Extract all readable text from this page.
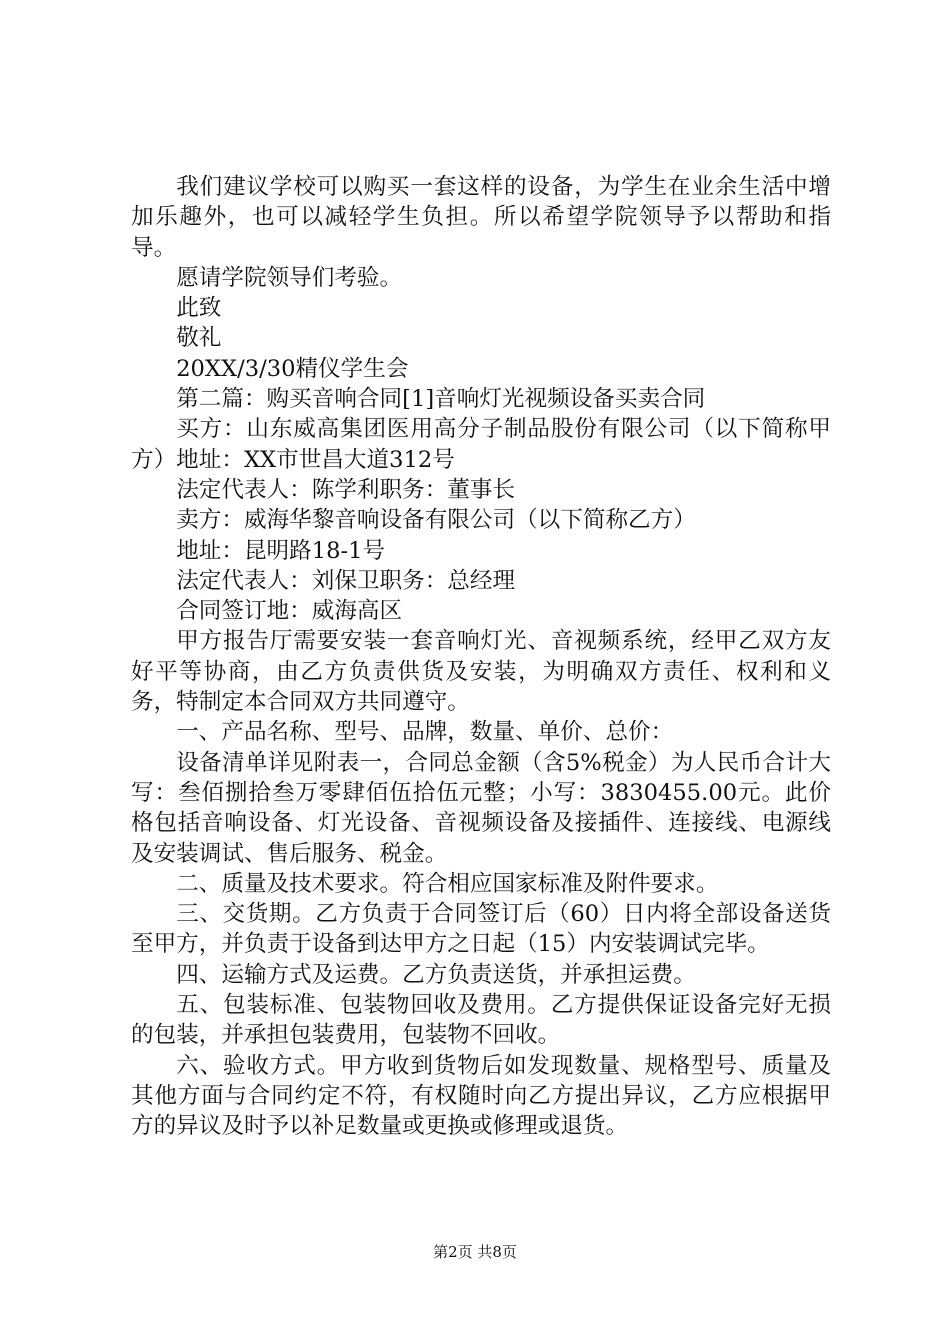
我们建议学校可以购买一套这样的设备，为学生在业余生活中增加乐趣外，也可以减轻学生负担。所以希望学院领导予以帮助和指导。

愿请学院领导们考验。

此致

敬礼

20XX/3/30精仪学生会

第二篇：购买音响合同[1]音响灯光视频设备买卖合同

买方：山东威高集团医用高分子制品股份有限公司（以下简称甲方）地址：XX市世昌大道312号

法定代表人：陈学利职务：董事长

卖方：威海华黎音响设备有限公司（以下简称乙方）

地址：昆明路18-1号

法定代表人：刘保卫职务：总经理

合同签订地：威海高区

甲方报告厅需要安装一套音响灯光、音视频系统，经甲乙双方友好平等协商，由乙方负责供货及安装，为明确双方责任、权利和义务，特制定本合同双方共同遵守。

一、产品名称、型号、品牌，数量、单价、总价：

设备清单详见附表一，合同总金额（含5%税金）为人民币合计大写：叁佰捌拾叁万零肆佰伍拾伍元整；小写：3830455.00元。此价格包括音响设备、灯光设备、音视频设备及接插件、连接线、电源线及安装调试、售后服务、税金。

二、质量及技术要求。符合相应国家标准及附件要求。

三、交货期。乙方负责于合同签订后（60）日内将全部设备送货至甲方，并负责于设备到达甲方之日起（15）内安装调试完毕。

四、运输方式及运费。乙方负责送货，并承担运费。

五、包装标准、包装物回收及费用。乙方提供保证设备完好无损的包装，并承担包装费用，包装物不回收。

六、验收方式。甲方收到货物后如发现数量、规格型号、质量及其他方面与合同约定不符，有权随时向乙方提出异议，乙方应根据甲方的异议及时予以补足数量或更换或修理或退货。

第2页 共8页
